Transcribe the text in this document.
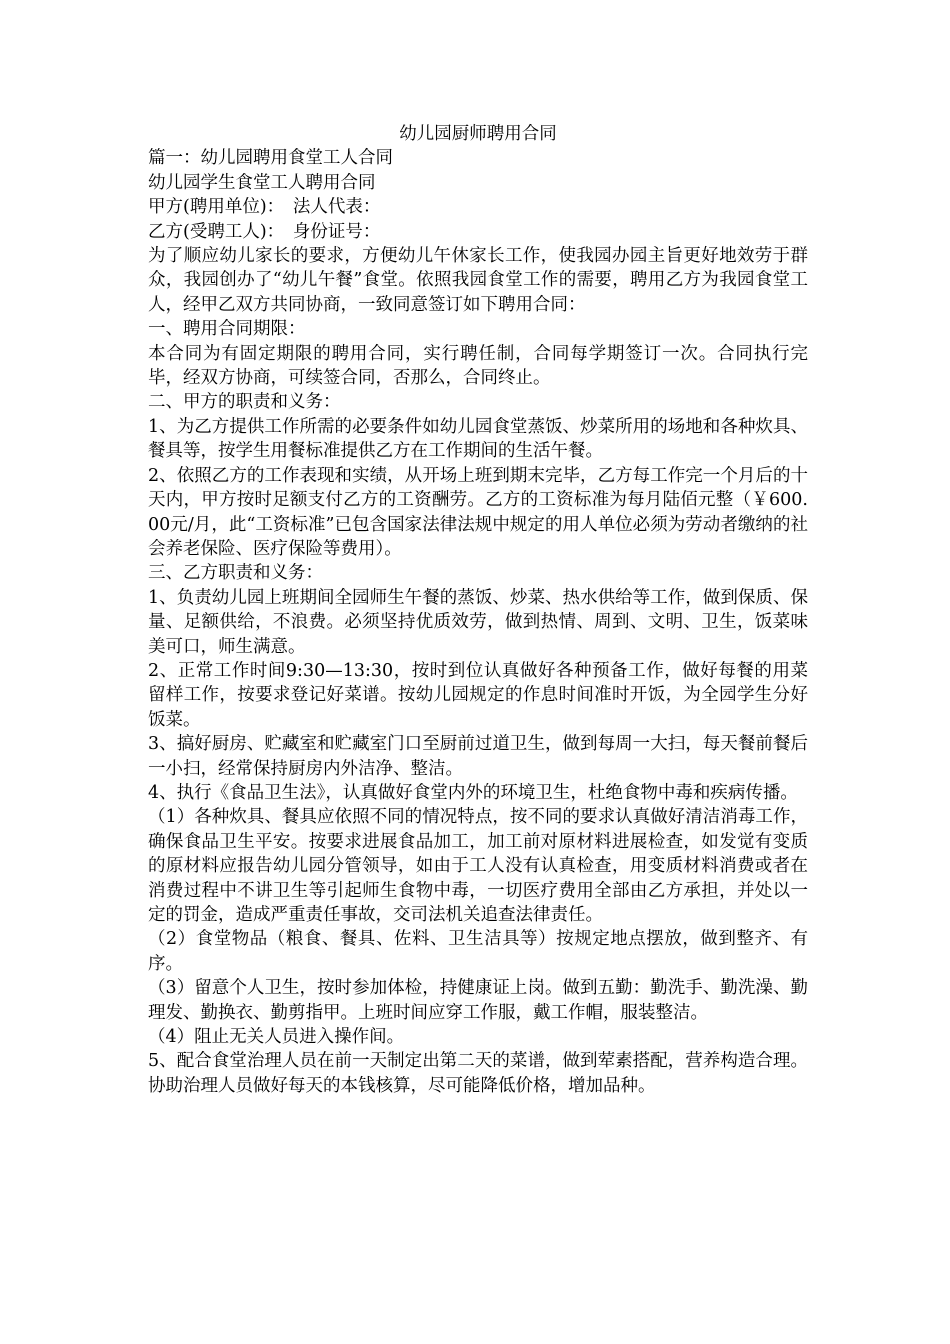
幼儿园厨师聘用合同

篇一：幼儿园聘用食堂工人合同

幼儿园学生食堂工人聘用合同

甲方(聘用单位)：　法人代表：

乙方(受聘工人)：　身份证号：

为了顺应幼儿家长的要求，方便幼儿午休家长工作，使我园办园主旨更好地效劳于群众，我园创办了“幼儿午餐”食堂。依照我园食堂工作的需要，聘用乙方为我园食堂工人，经甲乙双方共同协商，一致同意签订如下聘用合同：

一、聘用合同期限：

本合同为有固定期限的聘用合同，实行聘任制，合同每学期签订一次。合同执行完毕，经双方协商，可续签合同，否那么，合同终止。

二、甲方的职责和义务：

1、为乙方提供工作所需的必要条件如幼儿园食堂蒸饭、炒菜所用的场地和各种炊具、餐具等，按学生用餐标准提供乙方在工作期间的生活午餐。

2、依照乙方的工作表现和实绩，从开场上班到期末完毕，乙方每工作完一个月后的十天内，甲方按时足额支付乙方的工资酬劳。乙方的工资标准为每月陆佰元整（￥600.00元/月，此“工资标准”已包含国家法律法规中规定的用人单位必须为劳动者缴纳的社会养老保险、医疗保险等费用）。

三、乙方职责和义务：

1、负责幼儿园上班期间全园师生午餐的蒸饭、炒菜、热水供给等工作，做到保质、保量、足额供给，不浪费。必须坚持优质效劳，做到热情、周到、文明、卫生，饭菜味美可口，师生满意。

2、正常工作时间9:30—13:30，按时到位认真做好各种预备工作，做好每餐的用菜留样工作，按要求登记好菜谱。按幼儿园规定的作息时间准时开饭，为全园学生分好饭菜。

3、搞好厨房、贮藏室和贮藏室门口至厨前过道卫生，做到每周一大扫，每天餐前餐后一小扫，经常保持厨房内外洁净、整洁。

4、执行《食品卫生法》，认真做好食堂内外的环境卫生，杜绝食物中毒和疾病传播。

（1）各种炊具、餐具应依照不同的情况特点，按不同的要求认真做好清洁消毒工作，确保食品卫生平安。按要求进展食品加工，加工前对原材料进展检查，如发觉有变质的原材料应报告幼儿园分管领导，如由于工人没有认真检查，用变质材料消费或者在消费过程中不讲卫生等引起师生食物中毒，一切医疗费用全部由乙方承担，并处以一定的罚金，造成严重责任事故，交司法机关追查法律责任。

（2）食堂物品（粮食、餐具、佐料、卫生洁具等）按规定地点摆放，做到整齐、有序。

（3）留意个人卫生，按时参加体检，持健康证上岗。做到五勤：勤洗手、勤洗澡、勤理发、勤换衣、勤剪指甲。上班时间应穿工作服，戴工作帽，服装整洁。

（4）阻止无关人员进入操作间。

5、配合食堂治理人员在前一天制定出第二天的菜谱，做到荤素搭配，营养构造合理。协助治理人员做好每天的本钱核算，尽可能降低价格，增加品种。
